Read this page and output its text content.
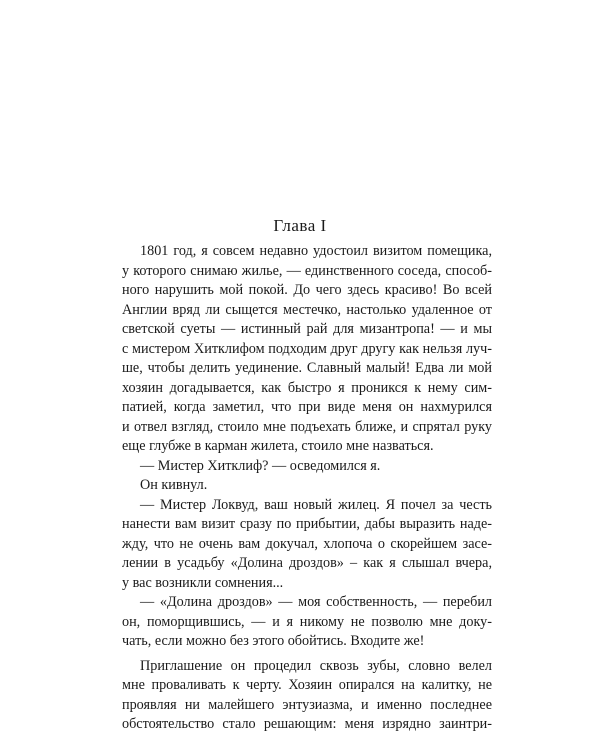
Глава I
1801 год, я совсем недавно удостоил визитом помещика,
у которого снимаю жилье, — единственного соседа, способ-
ного нарушить мой покой. До чего здесь красиво! Во всей
Англии вряд ли сыщется местечко, настолько удаленное от
светской суеты — истинный рай для мизантропа! — и мы
с мистером Хитклифом подходим друг другу как нельзя луч-
ше, чтобы делить уединение. Славный малый! Едва ли мой
хозяин догадывается, как быстро я проникся к нему сим-
патией, когда заметил, что при виде меня он нахмурился
и отвел взгляд, стоило мне подъехать ближе, и спрятал руку
еще глубже в карман жилета, стоило мне назваться.
— Мистер Хитклиф? — осведомился я.
Он кивнул.
— Мистер Локвуд, ваш новый жилец. Я почел за честь
нанести вам визит сразу по прибытии, дабы выразить наде-
жду, что не очень вам докучал, хлопоча о скорейшем засе-
лении в усадьбу «Долина дроздов» – как я слышал вчера,
у вас возникли сомнения...
— «Долина дроздов» — моя собственность, — перебил
он, поморщившись, — и я никому не позволю мне доку-
чать, если можно без этого обойтись. Входите же!
Приглашение он процедил сквозь зубы, словно велел
мне проваливать к черту. Хозяин опирался на калитку, не
проявляя ни малейшего энтузиазма, и именно последнее
обстоятельство стало решающим: меня изрядно заинтри-
